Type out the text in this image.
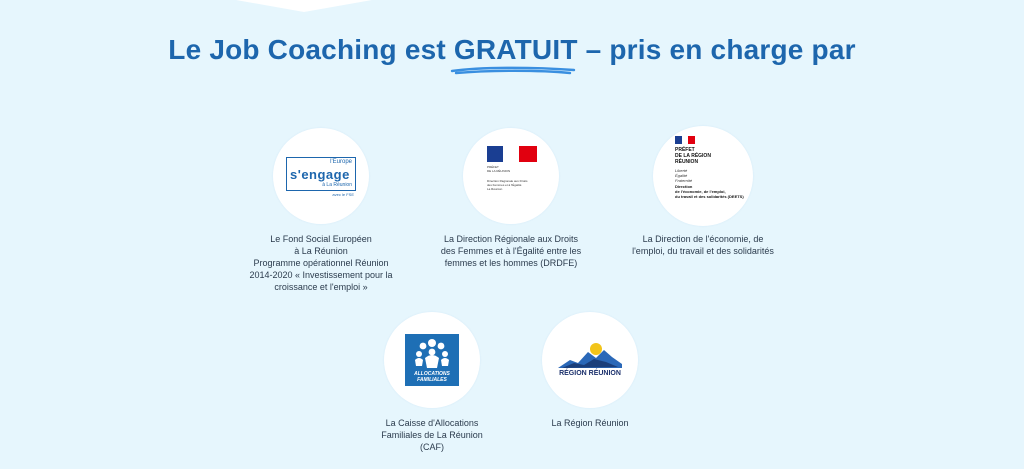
Le Job Coaching est GRATUIT
– pris en charge par
l'Europe
s'engage
à La Réunion
avec le FSE
Le Fond Social Européen
à La Réunion
Programme opérationnel Réunion
2014-2020 « Investissement pour la
croissance et l'emploi »
PRÉFET
DE LA RÉUNION
Direction Régionale aux Droits
des Femmes et à l'Égalité
La Réunion
La Direction Régionale aux Droits
des Femmes et à l'Égalité entre les
femmes et les hommes (DRDFE)
PRÉFET
DE LA RÉGION
RÉUNION
Liberté
Égalité
Fraternité
Direction
de l'économie, de l'emploi,
du travail et des solidarités (DEETS)
La Direction de l'économie, de
l'emploi, du travail et des solidarités
ALLOCATIONS
FAMILIALES
La Caisse d'Allocations
Familiales de La Réunion
(CAF)
RÉGION RÉUNION
La Région Réunion
